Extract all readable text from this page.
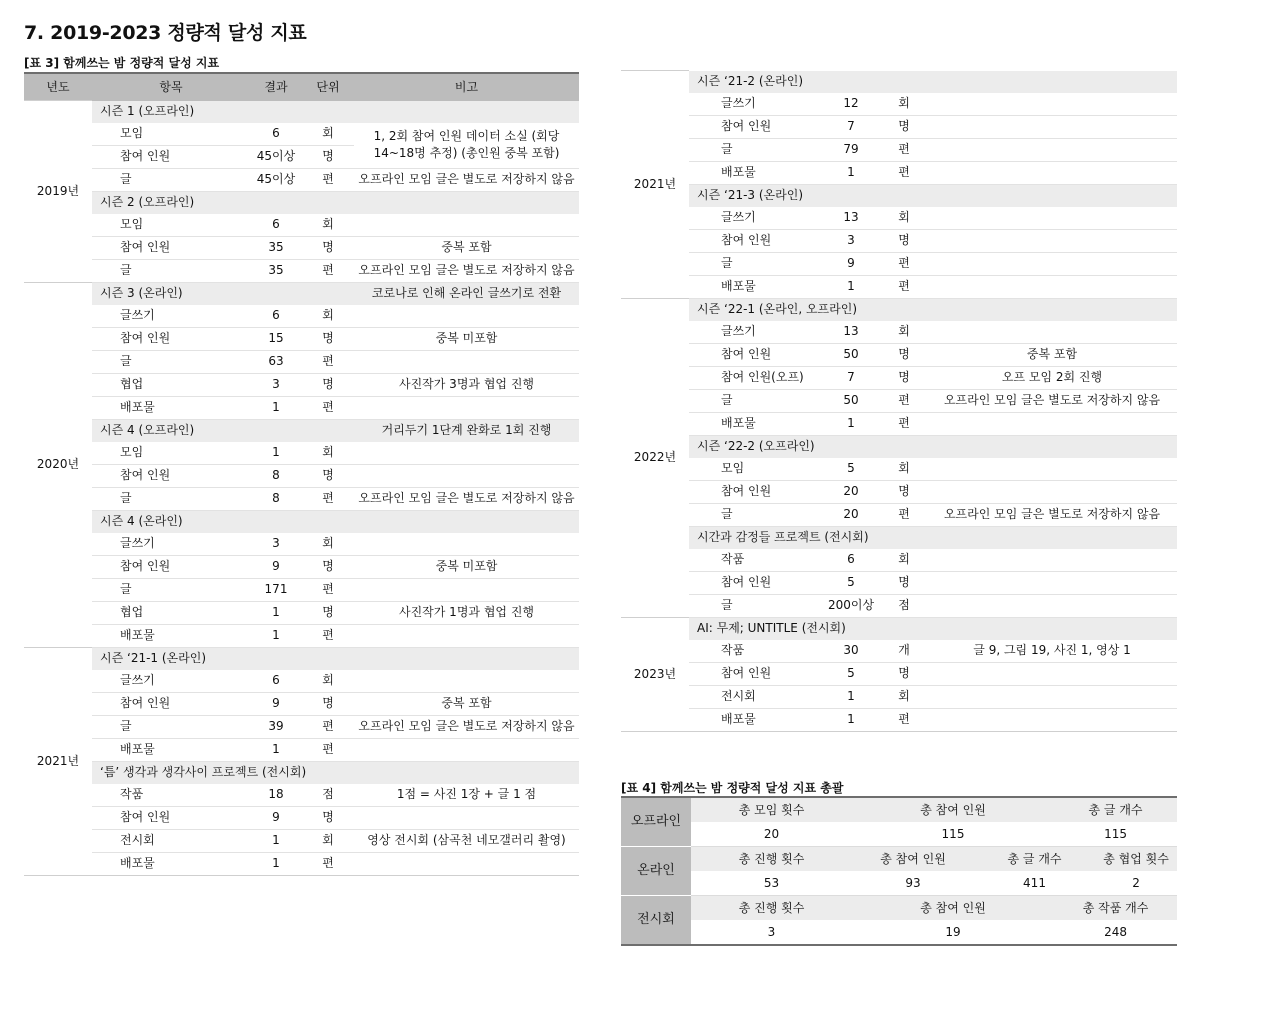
7. 2019-2023 정량적 달성 지표
[표 3] 함께쓰는 밤 정량적 달성 지표
년도	항목		결과	단위	비고
2019년	시즌 1 (오프라인)				
		모임	6	회	1, 2회 참여 인원 데이터 소실 (회당 14~18명 추정) (총인원 중복 포함)
		참여 인원	45이상	명	
		글	45이상	편	오프라인 모임 글은 별도로 저장하지 않음
	시즌 2 (오프라인)				
		모임	6	회	
		참여 인원	35	명	중복 포함
		글	35	편	오프라인 모임 글은 별도로 저장하지 않음
2020년	시즌 3 (온라인)				코로나로 인해 온라인 글쓰기로 전환
		글쓰기	6	회	
		참여 인원	15	명	중복 미포함
		글	63	편	
		협업	3	명	사진작가 3명과 협업 진행
		배포물	1	편	
	시즌 4 (오프라인)				거리두기 1단계 완화로 1회 진행
		모임	1	회	
		참여 인원	8	명	
		글	8	편	오프라인 모임 글은 별도로 저장하지 않음
	시즌 4 (온라인)				
		글쓰기	3	회	
		참여 인원	9	명	중복 미포함
		글	171	편	
		협업	1	명	사진작가 1명과 협업 진행
		배포물	1	편	
2021년	시즌 ‘21-1 (온라인)				
		글쓰기	6	회	
		참여 인원	9	명	중복 포함
		글	39	편	오프라인 모임 글은 별도로 저장하지 않음
		배포물	1	편	
	‘틈’ 생각과 생각사이 프로젝트 (전시회)				
		작품	18	점	1점 = 사진 1장 + 글 1 점
		참여 인원	9	명	
		전시회	1	회	영상 전시회 (삼곡천 네모갤러리 촬영)
		배포물	1	편	
2021년	시즌 ‘21-2 (온라인)				
		글쓰기	12	회	
		참여 인원	7	명	
		글	79	편	
		배포물	1	편	
	시즌 ‘21-3 (온라인)				
		글쓰기	13	회	
		참여 인원	3	명	
		글	9	편	
		배포물	1	편	
2022년	시즌 ‘22-1 (온라인, 오프라인)				
		글쓰기	13	회	
		참여 인원	50	명	중복 포함
		참여 인원(오프)	7	명	오프 모임 2회 진행
		글	50	편	오프라인 모임 글은 별도로 저장하지 않음
		배포물	1	편	
	시즌 ‘22-2 (오프라인)				
		모임	5	회	
		참여 인원	20	명	
		글	20	편	오프라인 모임 글은 별도로 저장하지 않음
	시간과 감정들 프로젝트 (전시회)				
		작품	6	회	
		참여 인원	5	명	
		글	200이상	점	
2023년	AI: 무제; UNTITLE (전시회)				
		작품	30	개	글 9, 그림 19, 사진 1, 영상 1
		참여 인원	5	명	
		전시회	1	회	
		배포물	1	편	
[표 4] 함께쓰는 밤 정량적 달성 지표 총괄
오프라인	총 모임 횟수	총 참여 인원		총 글 개수	
	20	115		115	
온라인	총 진행 횟수	총 참여 인원	총 글 개수		총 협업 횟수
	53	93	411		2
전시회	총 진행 횟수	총 참여 인원		총 작품 개수	
	3	19		248	
